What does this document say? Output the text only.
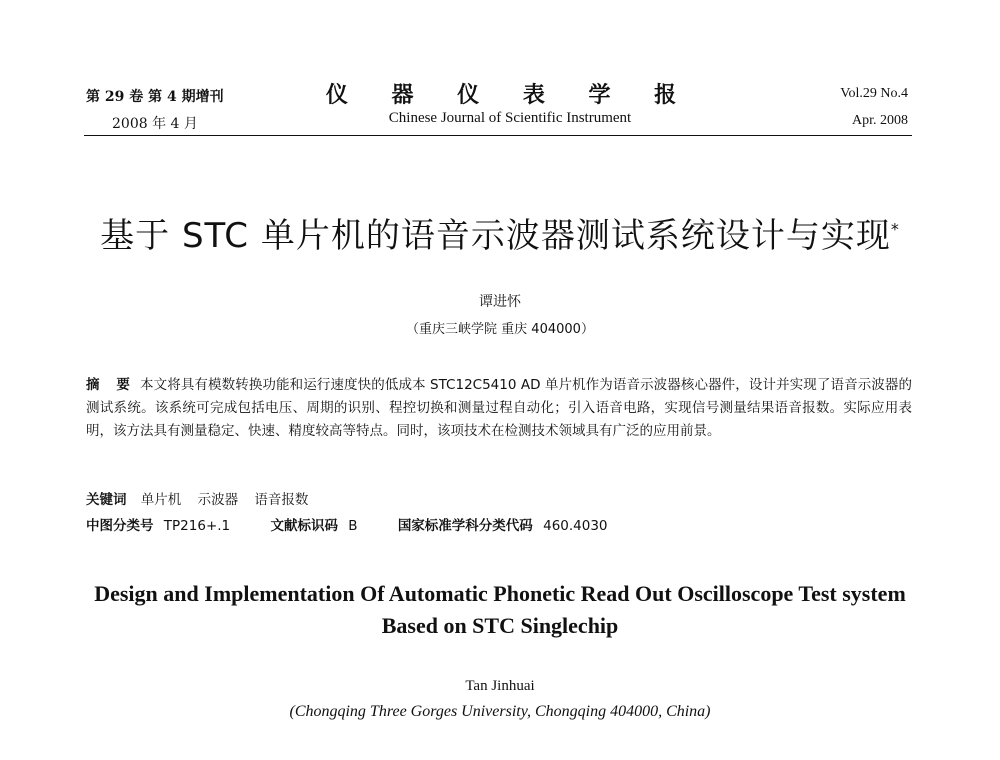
第 29 卷 第 4 期增刊
2008 年 4 月
仪 器 仪 表 学 报
Chinese Journal of Scientific Instrument
Vol.29 No.4
Apr. 2008
基于 STC 单片机的语音示波器测试系统设计与实现*
谭进怀
（重庆三峡学院 重庆 404000）
摘 要 本文将具有模数转换功能和运行速度快的低成本 STC12C5410 AD 单片机作为语音示波器核心器件，设计并实现了语音示波器的测试系统。该系统可完成包括电压、周期的识别、程控切换和测量过程自动化；引入语音电路，实现信号测量结果语音报数。实际应用表明，该方法具有测量稳定、快速、精度较高等特点。同时，该项技术在检测技术领域具有广泛的应用前景。
关键词 单片机 示波器 语音报数
中图分类号 TP216+.1	文献标识码 B	国家标准学科分类代码 460.4030
Design and Implementation Of Automatic Phonetic Read Out Oscilloscope Test system Based on STC Singlechip
Tan Jinhuai
(Chongqing Three Gorges University, Chongqing 404000, China)
